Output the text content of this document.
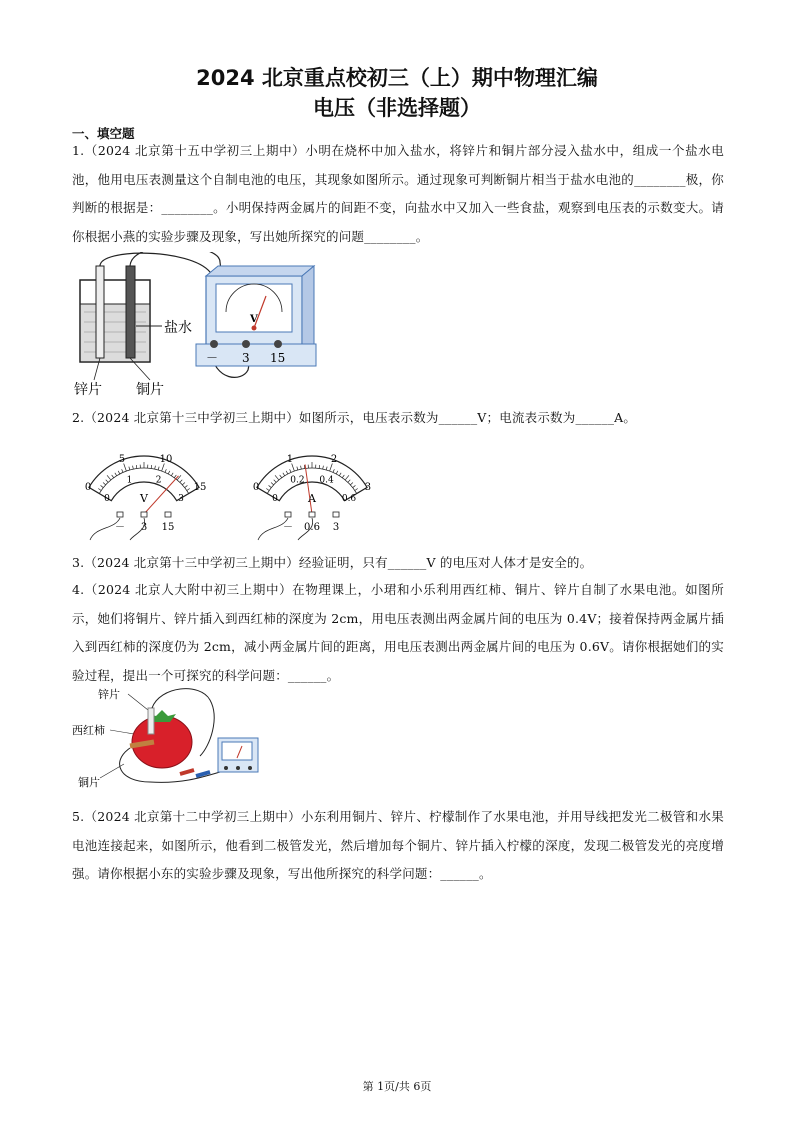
2024 北京重点校初三（上）期中物理汇编
电压（非选择题）
一、填空题
1.（2024 北京第十五中学初三上期中）小明在烧杯中加入盐水，将锌片和铜片部分浸入盐水中，组成一个盐水电池，他用电压表测量这个自制电池的电压，其现象如图所示。通过现象可判断铜片相当于盐水电池的________极，你判断的根据是：________。小明保持两金属片的间距不变，向盐水中又加入一些食盐，观察到电压表的示数变大。请你根据小燕的实验步骤及现象，写出她所探究的问题________。
盐水
锌片 铜片
V
－ 3 15
2.（2024 北京第十三中学初三上期中）如图所示，电压表示数为______V；电流表示数为______A。
0
5	10
15
0
1	2
3
V
－ 3 15
0
1	2
3
0
0.2 0.4
0.6
A
－ 0.6 3
3.（2024 北京第十三中学初三上期中）经验证明，只有______V 的电压对人体才是安全的。
4.（2024 北京人大附中初三上期中）在物理课上，小珺和小乐利用西红柿、铜片、锌片自制了水果电池。如图所示，她们将铜片、锌片插入到西红柿的深度为 2cm，用电压表测出两金属片间的电压为 0.4V；接着保持两金属片插入到西红柿的深度仍为 2cm，减小两金属片间的距离，用电压表测出两金属片间的电压为 0.6V。请你根据她们的实验过程，提出一个可探究的科学问题：______。
锌片
西红柿
铜片
5.（2024 北京第十二中学初三上期中）小东利用铜片、锌片、柠檬制作了水果电池，并用导线把发光二极管和水果电池连接起来，如图所示，他看到二极管发光，然后增加每个铜片、锌片插入柠檬的深度，发现二极管发光的亮度增强。请你根据小东的实验步骤及现象，写出他所探究的科学问题：______。
第 1页/共 6页
